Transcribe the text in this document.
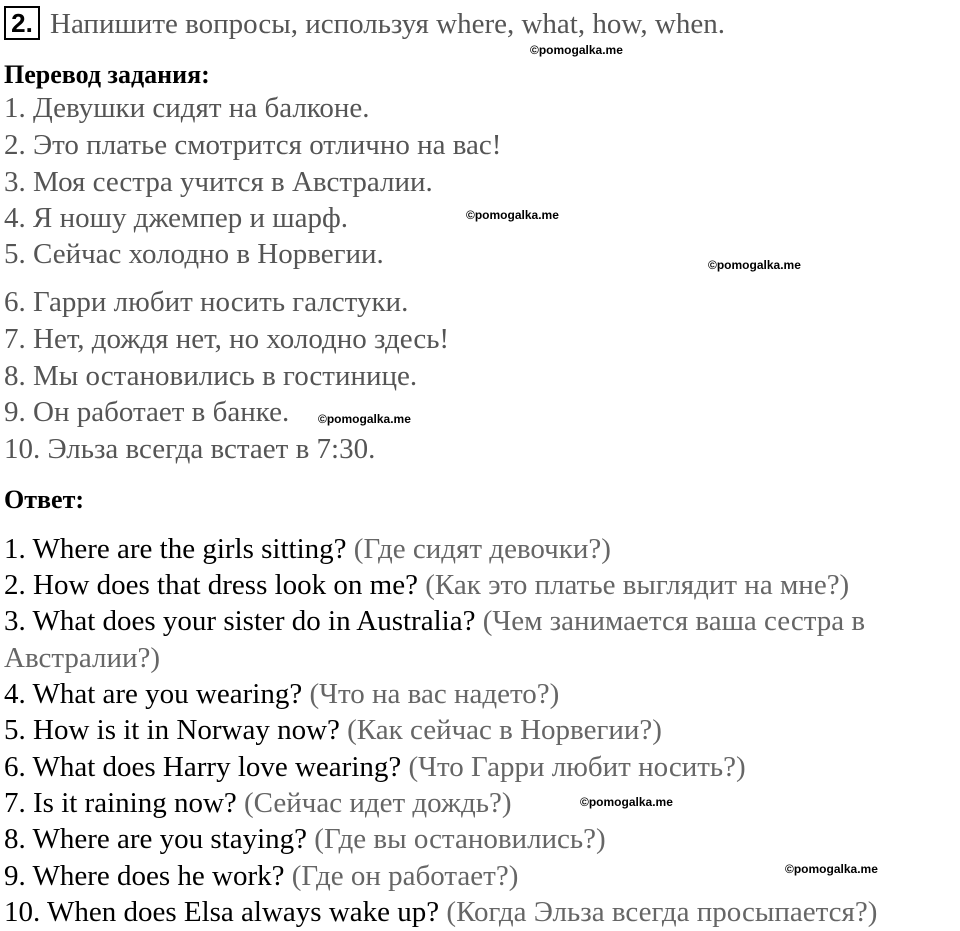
2. Напишите вопросы, используя where, what, how, when.
Перевод задания:
1. Девушки сидят на балконе.
2. Это платье смотрится отлично на вас!
3. Моя сестра учится в Австралии.
4. Я ношу джемпер и шарф.
5. Сейчас холодно в Норвегии.
6. Гарри любит носить галстуки.
7. Нет, дождя нет, но холодно здесь!
8. Мы остановились в гостинице.
9. Он работает в банке.
10. Эльза всегда встает в 7:30.
Ответ:
1. Where are the girls sitting? (Где сидят девочки?)
2. How does that dress look on me? (Как это платье выглядит на мне?)
3. What does your sister do in Australia? (Чем занимается ваша сестра в
Австралии?)
4. What are you wearing? (Что на вас надето?)
5. How is it in Norway now? (Как сейчас в Норвегии?)
6. What does Harry love wearing? (Что Гарри любит носить?)
7. Is it raining now? (Сейчас идет дождь?)
8. Where are you staying? (Где вы остановились?)
9. Where does he work? (Где он работает?)
10. When does Elsa always wake up? (Когда Эльза всегда просыпается?)
©pomogalka.me
©pomogalka.me
©pomogalka.me
©pomogalka.me
©pomogalka.me
©pomogalka.me
